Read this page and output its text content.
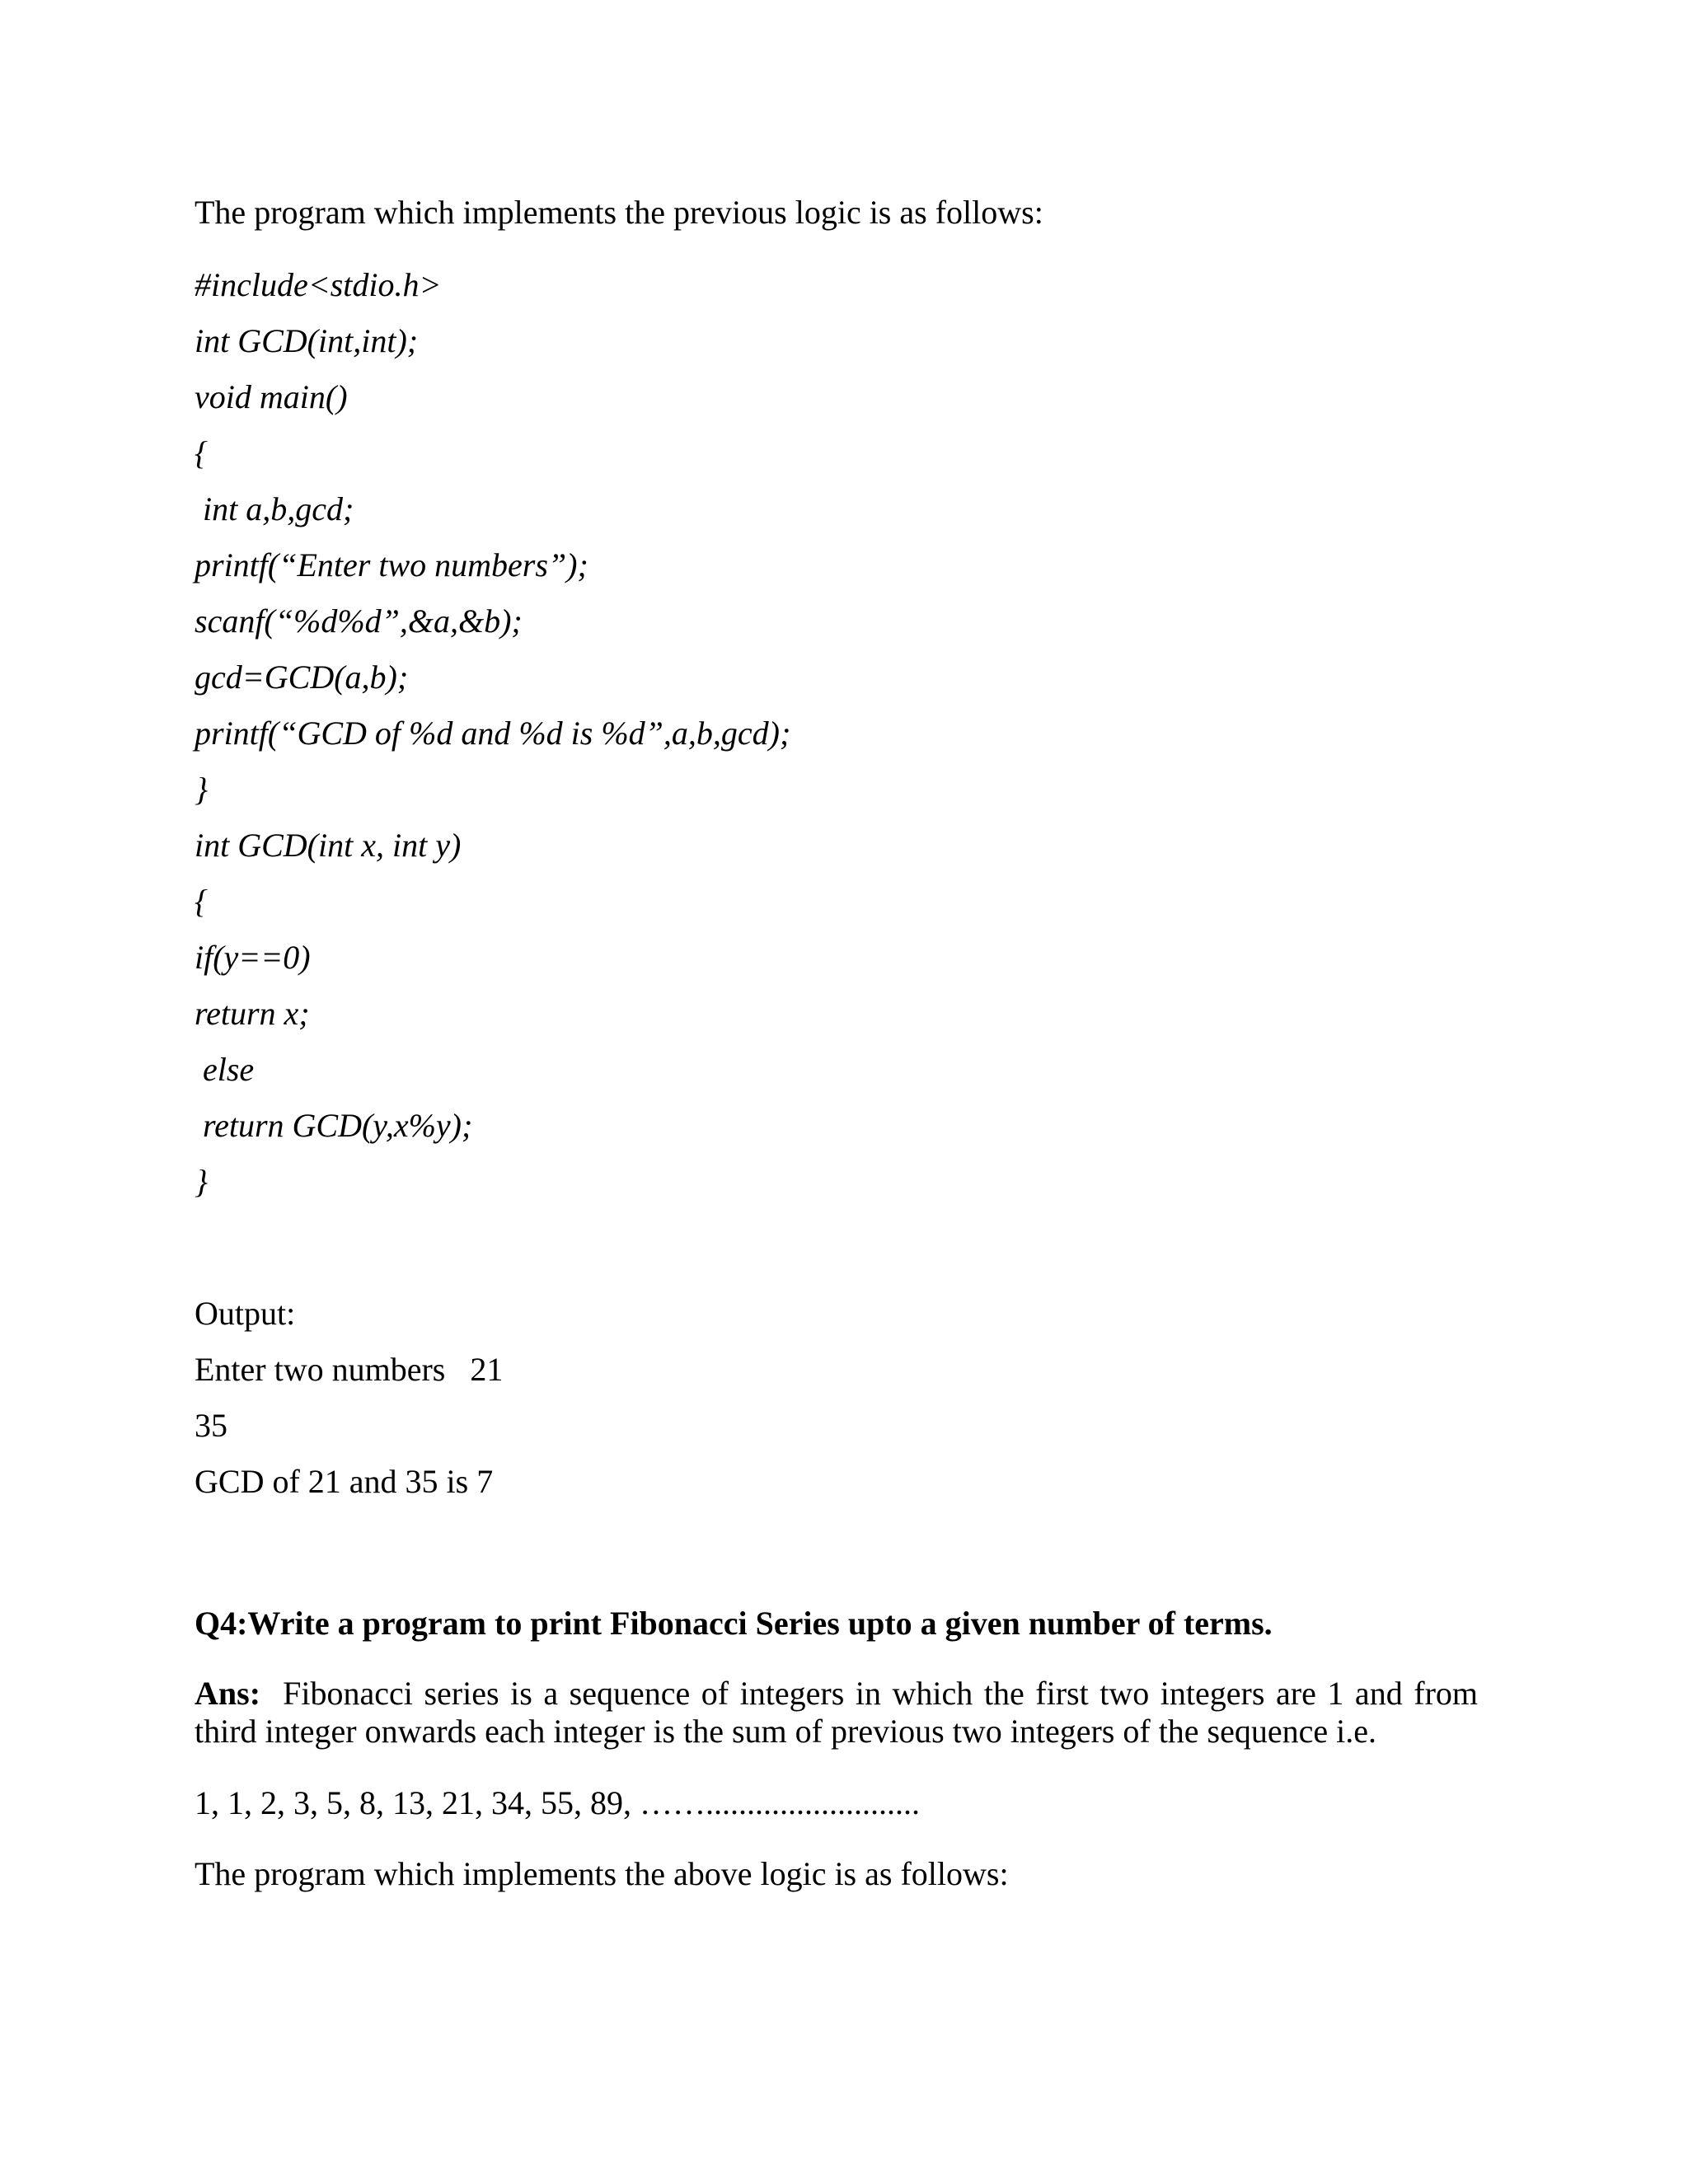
The program which implements the previous logic is as follows:
#include<stdio.h>
int GCD(int,int);
void main()
{
int a,b,gcd;
printf(“Enter two numbers”);
scanf(“%d%d”,&a,&b);
gcd=GCD(a,b);
printf(“GCD of %d and %d is %d”,a,b,gcd);
}
int GCD(int x, int y)
{
if(y==0)
return x;
else
return GCD(y,x%y);
}
Output:
Enter two numbers   21
35
GCD of 21 and 35 is 7
Q4:Write a program to print Fibonacci Series upto a given number of terms.
Ans: Fibonacci series is a sequence of integers in which the first two integers are 1 and from third integer onwards each integer is the sum of previous two integers of the sequence i.e.
1, 1, 2, 3, 5, 8, 13, 21, 34, 55, 89, ……..........................
The program which implements the above logic is as follows:
